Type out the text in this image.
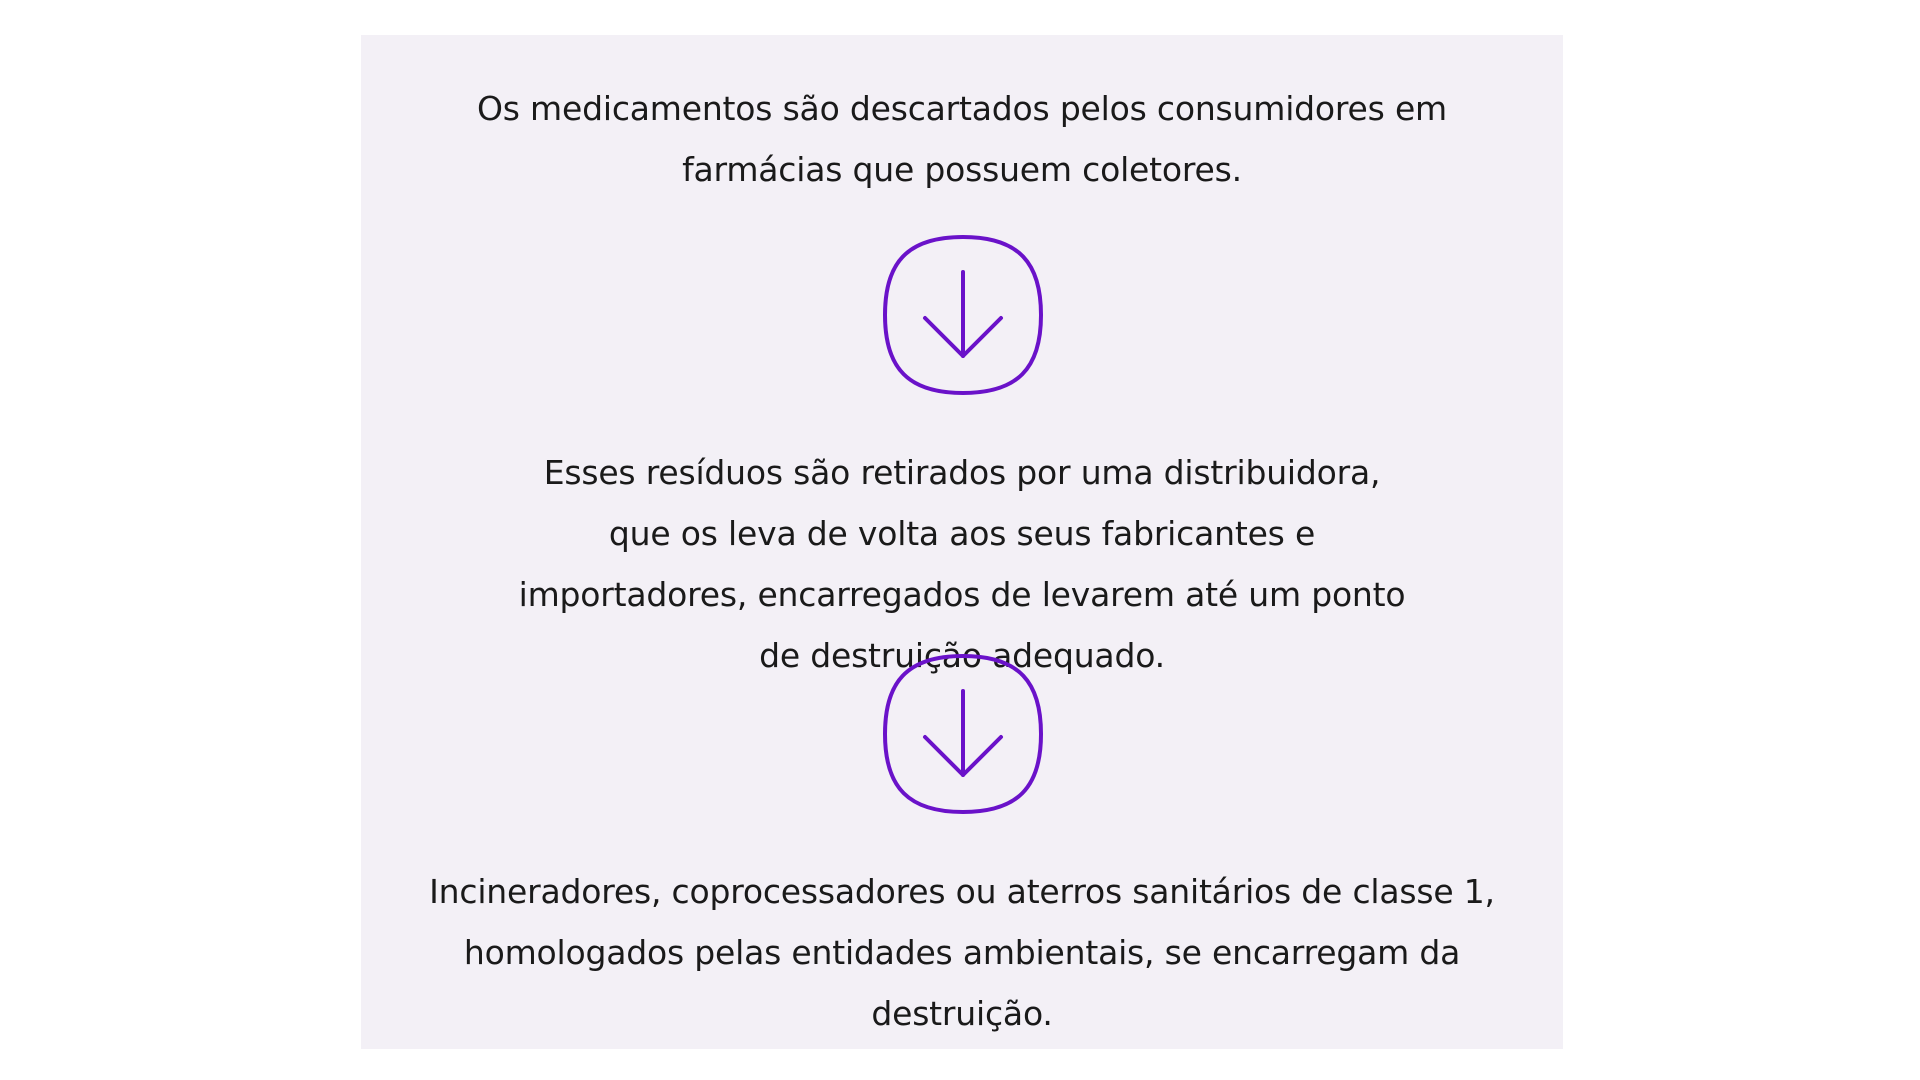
Os medicamentos são descartados pelos consumidores em farmácias que possuem coletores.

Esses resíduos são retirados por uma distribuidora, que os leva de volta aos seus fabricantes e importadores, encarregados de levarem até um ponto de destruição adequado.

Incineradores, coprocessadores ou aterros sanitários de classe 1, homologados pelas entidades ambientais, se encarregam da destruição.
